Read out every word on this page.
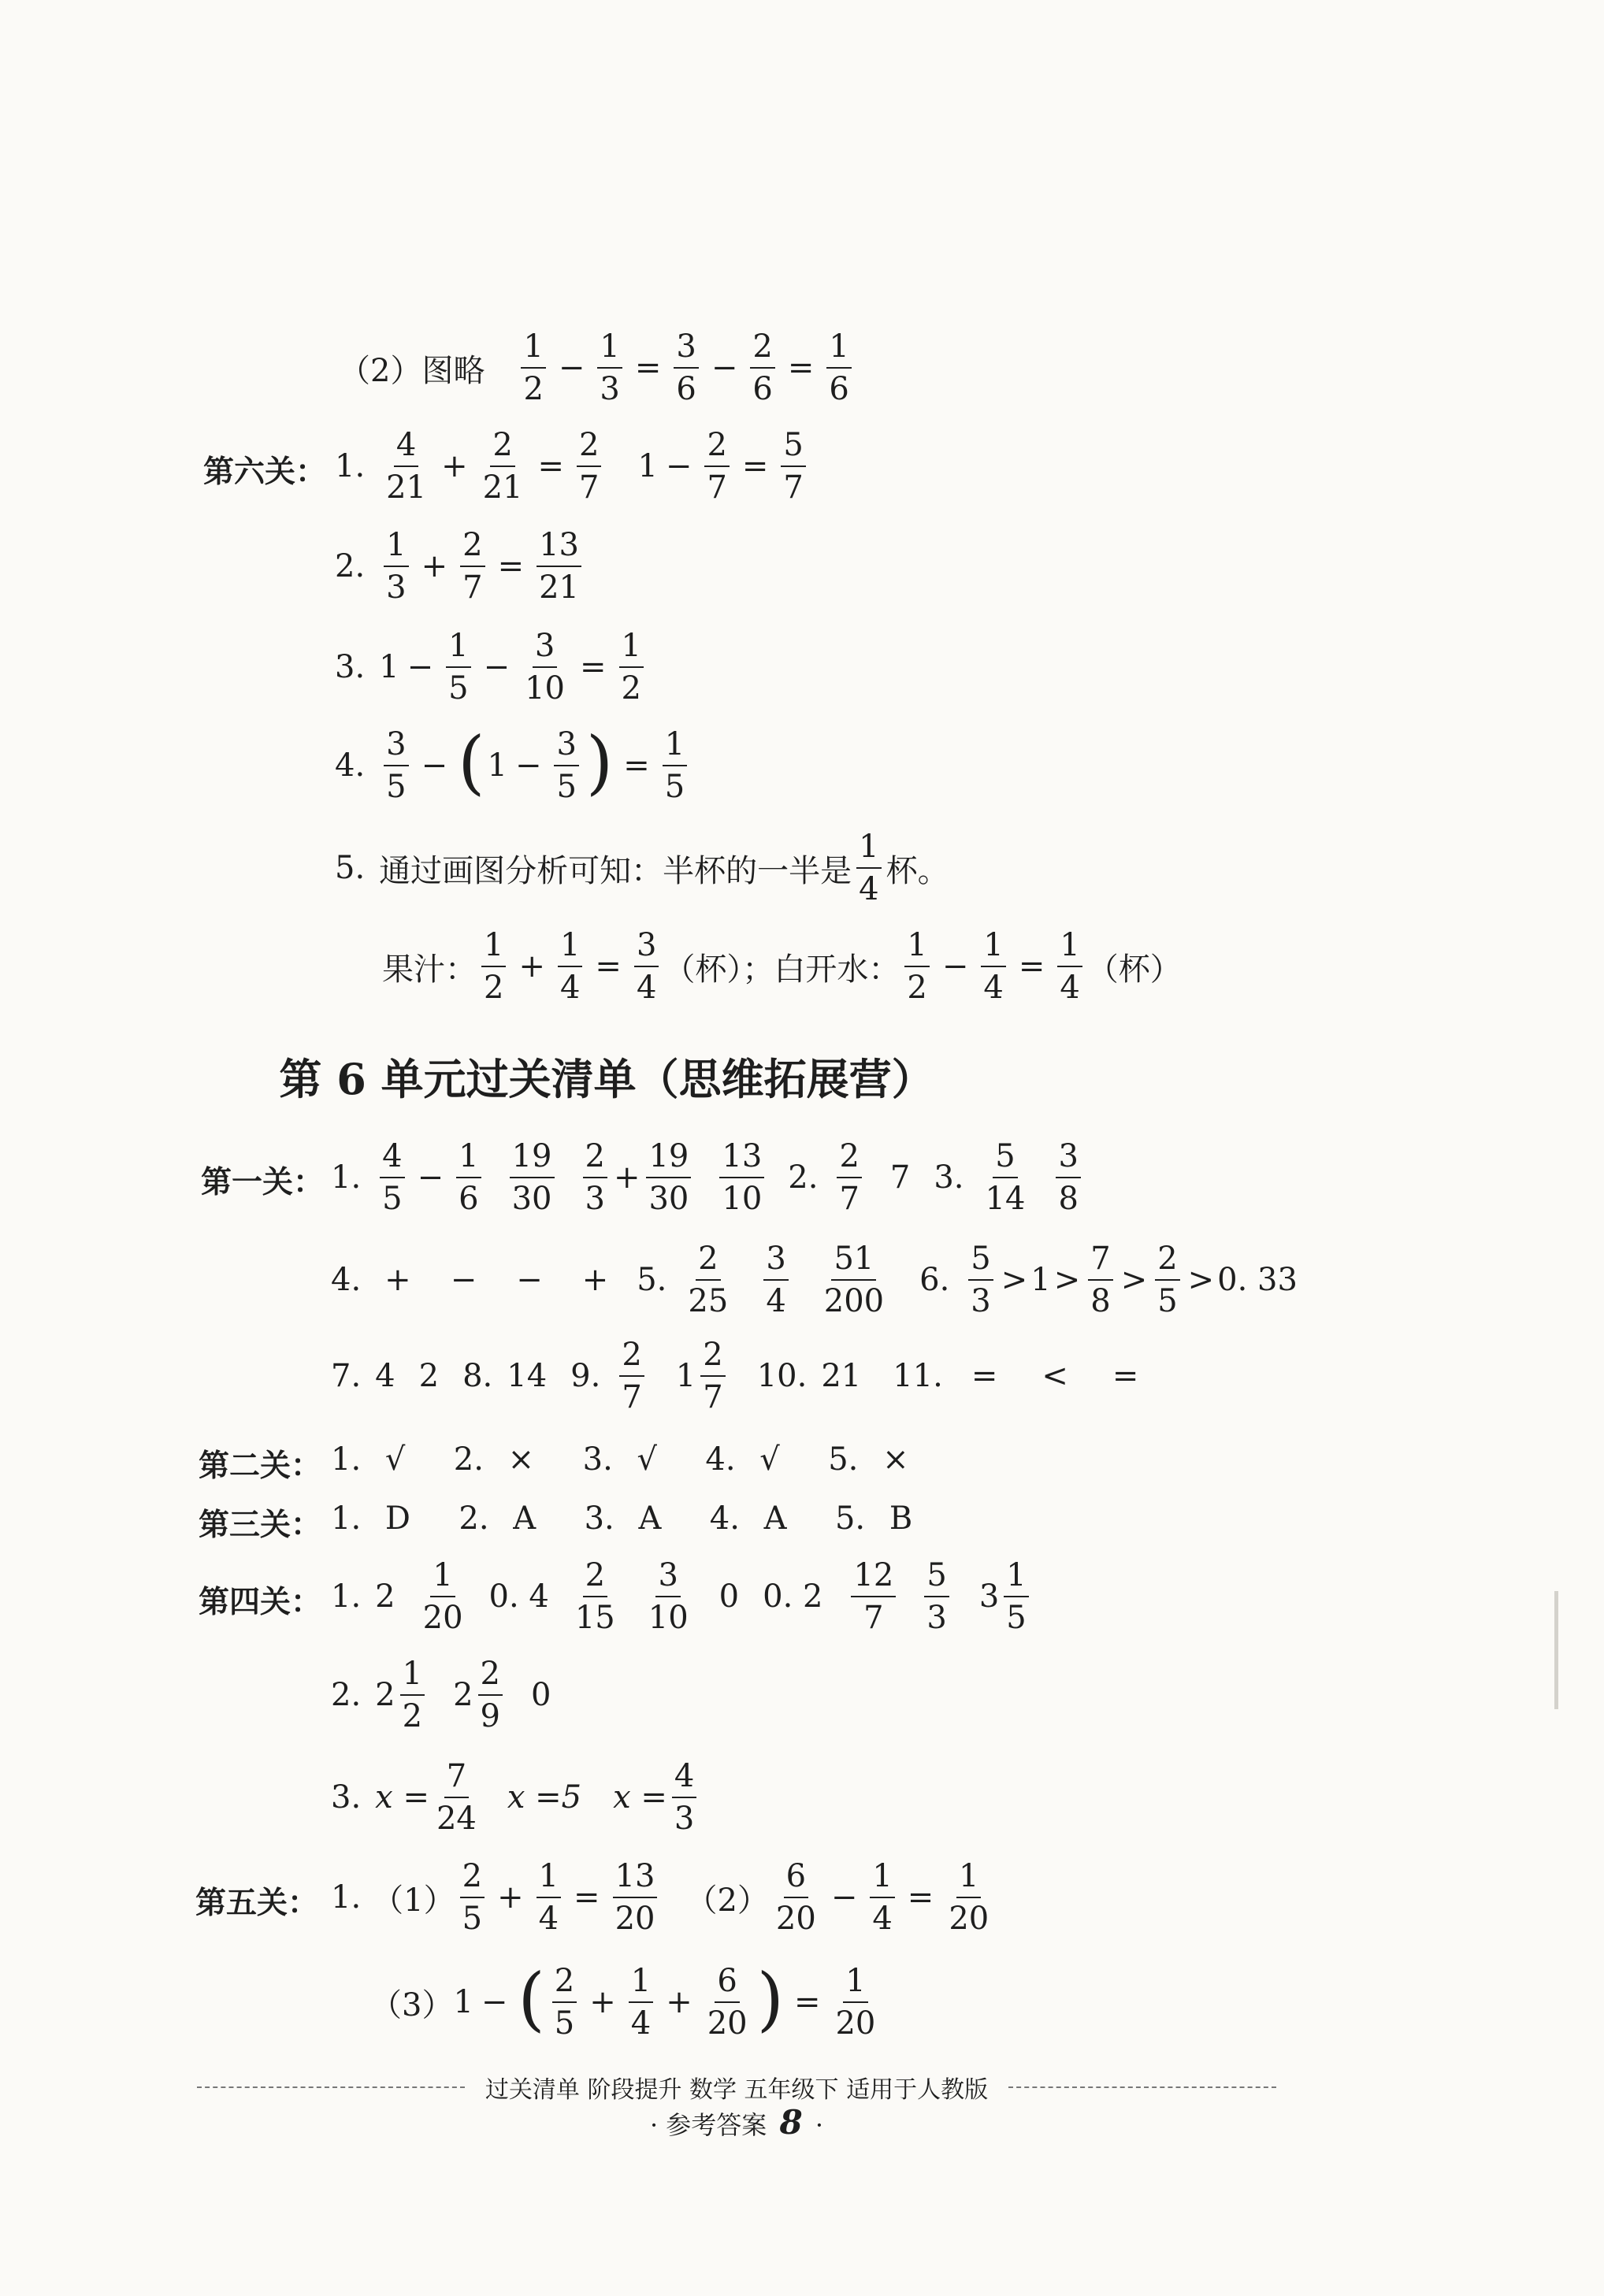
（2）图略 $\frac{1}{2} - \frac{1}{3} = \frac{3}{6} - \frac{2}{6} = \frac{1}{6}$
第六关： 1. $\frac{4}{21} + \frac{2}{21} = \frac{2}{7} 1 - \frac{2}{7} = \frac{5}{7}$
2. $\frac{1}{3} + \frac{2}{7} = \frac{13}{21}$
3. $1 - \frac{1}{5} - \frac{3}{10} = \frac{1}{2}$
4. $\frac{3}{5}$ − ( $1 - \frac{3}{5}$ ) = $\frac{1}{5}$
5. 通过画图分析可知：半杯的一半是 $\frac{1}{4}$ 杯。
果汁： $\frac{1}{2} + \frac{1}{4} = \frac{3}{4}$ （杯）；白开水： $\frac{1}{2} - \frac{1}{4} = \frac{1}{4}$ （杯）
第 6 单元过关清单（思维拓展营）
第一关： 1. $\frac{4}{5} - \frac{1}{6} \frac{19}{30} \frac{2}{3} + \frac{19}{30} \frac{13}{10} 2$. $\frac{2}{7} 7$ 3. $\frac{5}{14} \frac{3}{8}$
4. + − − + 5. $\frac{2}{25} \frac{3}{4} \frac{51}{200} 6$. $\frac{5}{3} > 1 > \frac{7}{8} > \frac{2}{5} > 0$. 33
7. 4 2 8. 14 9. $\frac{2}{7} 1 \frac{2}{7} 10$. 21 11. = < =
第二关： 1. √  2. ×  3. √  4. √  5. ×
第三关： 1. D  2. A  3. A  4. A  5. B
第四关： 1. $2 \frac{1}{20} 0$. $4 \frac{2}{15} \frac{3}{10} 0$ 0. $2 \frac{12}{7} \frac{5}{3} 3 \frac{1}{5}$
2. $2 \frac{1}{2} 2 \frac{2}{9} 0$
3. $x = \frac{7}{24}$ x =5 $x = \frac{4}{3}$
第五关： 1. $(1) \frac{2}{5} + \frac{1}{4} = \frac{13}{20} (2) \frac{6}{20} - \frac{1}{4} = \frac{1}{20}$
（3） 1 − ( $\frac{2}{5} + \frac{1}{4} + \frac{6}{20}$ ) = $\frac{1}{20}$
过关清单 阶段提升 数学 五年级下 适用于人教版
· 参考答案 8 ·
